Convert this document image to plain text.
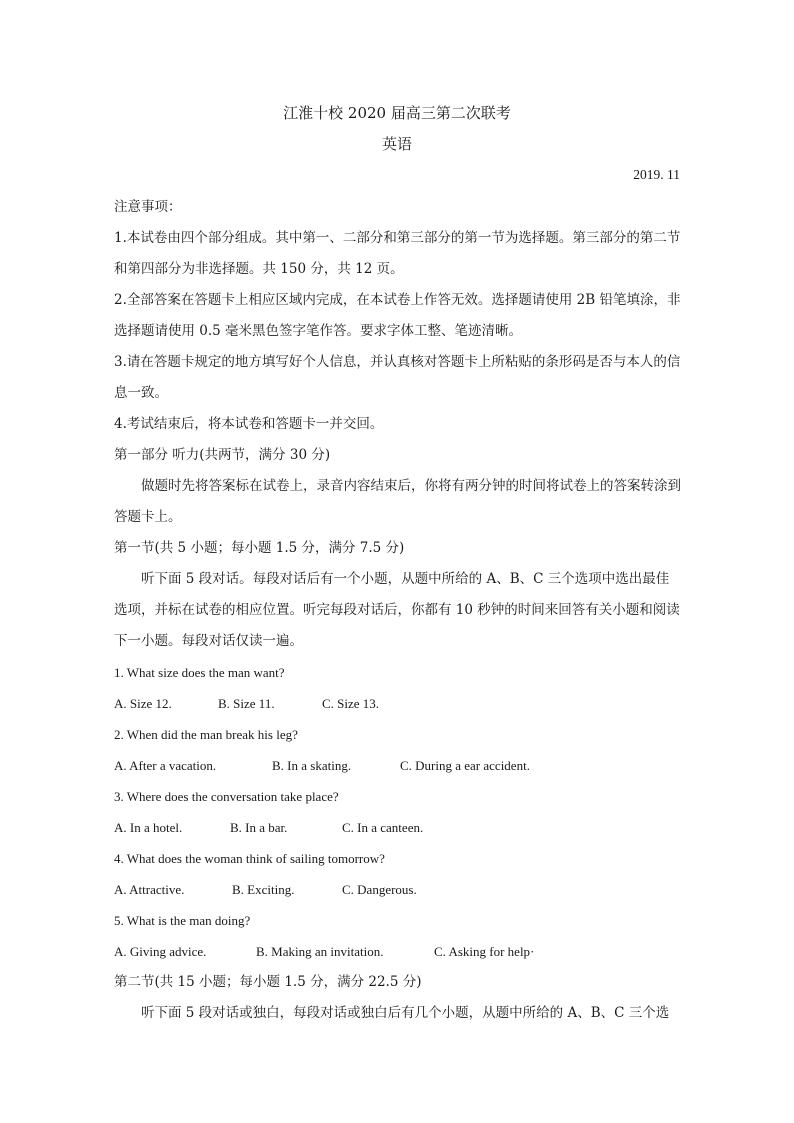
江淮十校 2020 届高三第二次联考
英语
2019. 11
注意事项：
1.本试卷由四个部分组成。其中第一、二部分和第三部分的第一节为选择题。第三部分的第二节和第四部分为非选择题。共 150 分，共 12 页。
2.全部答案在答题卡上相应区域内完成，在本试卷上作答无效。选择题请使用 2B 铅笔填涂，非选择题请使用 0.5 毫米黑色签字笔作答。要求字体工整、笔迹清晰。
3.请在答题卡规定的地方填写好个人信息，并认真核对答题卡上所粘贴的条形码是否与本人的信息一致。
4.考试结束后，将本试卷和答题卡一并交回。
第一部分 听力(共两节，满分 30 分)
做题时先将答案标在试卷上，录音内容结束后，你将有两分钟的时间将试卷上的答案转涂到答题卡上。
第一节(共 5 小题；每小题 1.5 分，满分 7.5 分)
听下面 5 段对话。每段对话后有一个小题，从题中所给的 A、B、C 三个选项中选出最佳选项，并标在试卷的相应位置。听完每段对话后，你都有 10 秒钟的时间来回答有关小题和阅读下一小题。每段对话仅读一遍。
1. What size does the man want?
A. Size 12.	B. Size 11.	C. Size 13.
2. When did the man break his leg?
A. After a vacation.	B. In a skating.	C. During a ear accident.
3. Where does the conversation take place?
A. In a hotel.	B. In a bar.	C. In a canteen.
4. What does the woman think of sailing tomorrow?
A. Attractive.	B. Exciting.	C. Dangerous.
5. What is the man doing?
A. Giving advice.	B. Making an invitation.	C. Asking for help·
第二节(共 15 小题；每小题 1.5 分，满分 22.5 分)
听下面 5 段对话或独白，每段对话或独白后有几个小题，从题中所给的 A、B、C 三个选
